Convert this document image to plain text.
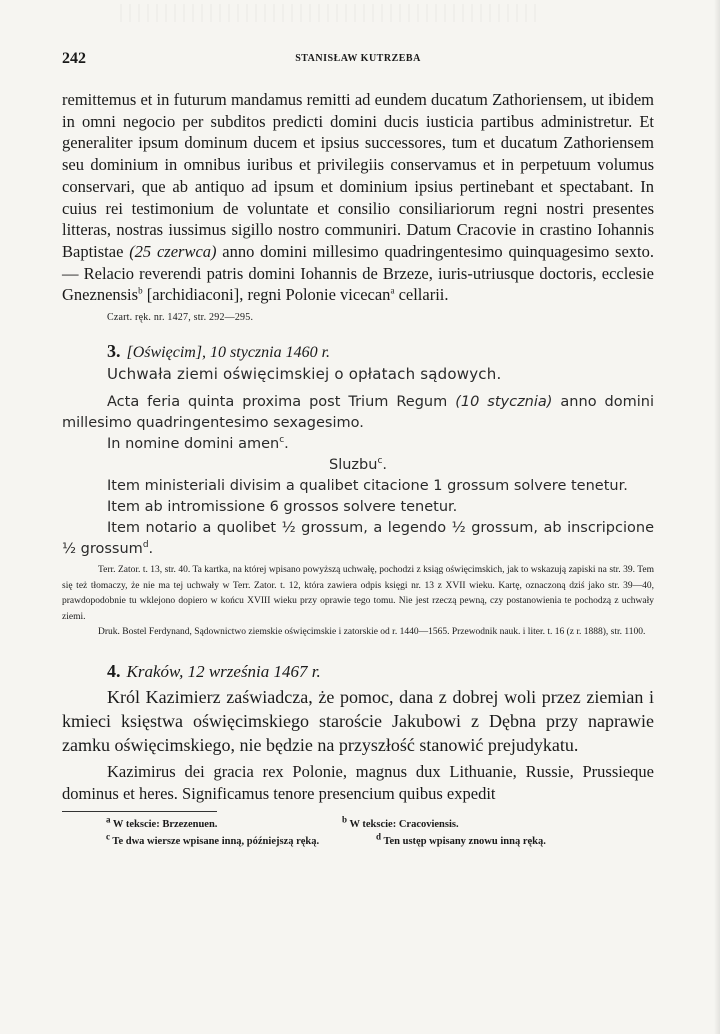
242	STANISŁAW KUTRZEBA

remittemus et in futurum mandamus remitti ad eundem ducatum Zathoriensem, ut ibidem in omni negocio per subditos predicti domini ducis iusticia partibus administretur. Et generaliter ipsum dominum ducem et ipsius successores, tum et ducatum Zathoriensem seu dominium in omnibus iuribus et privilegiis conservamus et in perpetuum volumus conservari, que ab antiquo ad ipsum et dominium ipsius pertinebant et spectabant. In cuius rei testimonium de voluntate et consilio consiliariorum regni nostri presentes litteras, nostras iussimus sigillo nostro communiri. Datum Cracovie in crastino Iohannis Baptistae (25 czerwca) anno domini millesimo quadringentesimo quinquagesimo sexto. — Relacio reverendi patris domini Iohannis de Brzeze, iuris-utriusque doctoris, ecclesie Gneznensis$^b$ [archidiaconi], regni Polonie vicecan$^a$ cellarii.

Czart. ręk. nr. 1427, str. 292—295.
3. [Oświęcim], 10 stycznia 1460 r.
Uchwała ziemi oświęcimskiej o opłatach sądowych.

Acta feria quinta proxima post Trium Regum (10 stycznia) anno domini millesimo quadringentesimo sexagesimo.

In nomine domini amen$^c$.

Sluzbu$^c$.

Item ministeriali divisim a qualibet citacione 1 grossum solvere tenetur.

Item ab intromissione 6 grossos solvere tenetur.

Item notario a quolibet ½ grossum, a legendo ½ grossum, ab inscripcione ½ grossum$^d$.

Terr. Zator. t. 13, str. 40. Ta kartka, na której wpisano powyższą uchwałę, pochodzi z ksiąg oświęcimskich, jak to wskazują zapiski na str. 39. Tem się też tłomaczy, że nie ma tej uchwały w Terr. Zator. t. 12, która zawiera odpis księgi nr. 13 z XVII wieku. Kartę, oznaczoną dziś jako str. 39—40, prawdopodobnie tu wklejono dopiero w końcu XVIII wieku przy oprawie tego tomu. Nie jest rzeczą pewną, czy postanowienia te pochodzą z uchwały ziemi.

Druk. Bostel Ferdynand, Sądownictwo ziemskie oświęcimskie i zatorskie od r. 1440—1565. Przewodnik nauk. i liter. t. 16 (z r. 1888), str. 1100.

4. Kraków, 12 września 1467 r.

Król Kazimierz zaświadcza, że pomoc, dana z dobrej woli przez ziemian i kmieci księstwa oświęcimskiego staroście Jakubowi z Dębna przy naprawie zamku oświęcimskiego, nie będzie na przyszłość stanowić prejudykatu.

Kazimirus dei gracia rex Polonie, magnus dux Lithuanie, Russie, Prussieque dominus et heres. Significamus tenore presencium quibus expedit

$^a$ W tekscie: Brzezenuen.	$^b$ W tekscie: Cracoviensis.
$^c$ Te dwa wiersze wpisane inną, późniejszą ręką.	$^d$ Ten ustęp wpisany znowu inną ręką.
